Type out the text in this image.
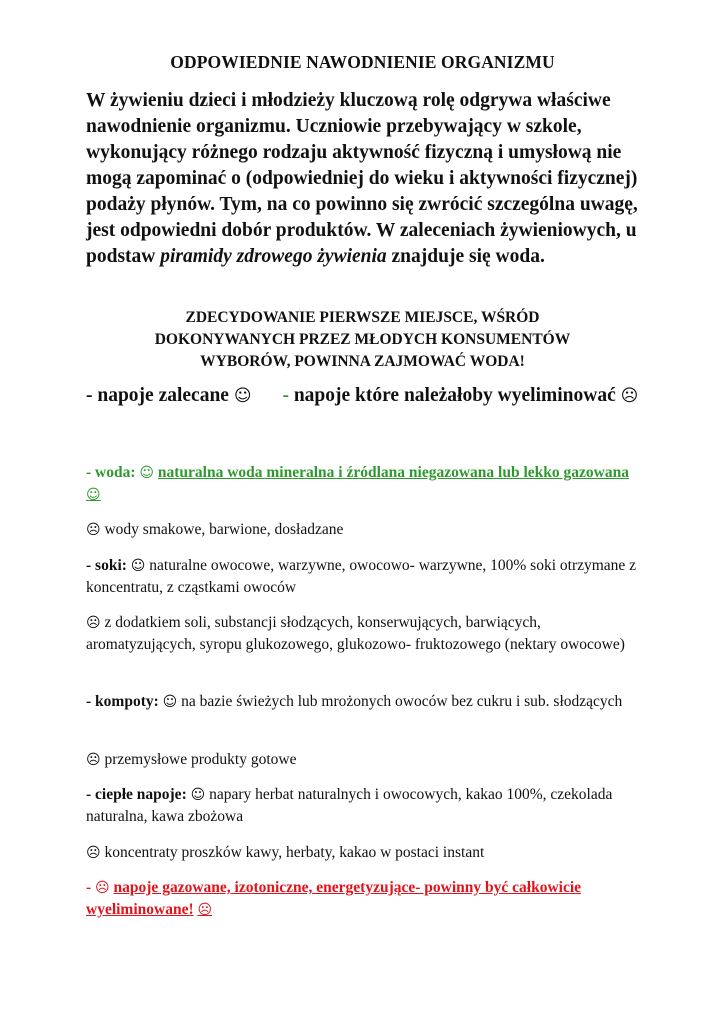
ODPOWIEDNIE NAWODNIENIE ORGANIZMU
W żywieniu dzieci i młodzieży kluczową rolę odgrywa właściwe nawodnienie organizmu. Uczniowie przebywający w szkole, wykonujący różnego rodzaju aktywność fizyczną i umysłową nie mogą zapominać o (odpowiedniej do wieku i aktywności fizycznej) podaży płynów. Tym, na co powinno się zwrócić szczególna uwagę, jest odpowiedni dobór produktów. W zaleceniach żywieniowych, u podstaw piramidy zdrowego żywienia znajduje się woda.
ZDECYDOWANIE PIERWSZE MIEJSCE, WŚRÓD
DOKONYWANYCH PRZEZ MŁODYCH KONSUMENTÓW
WYBORÓW, POWINNA ZAJMOWAĆ WODA!
- napoje zalecane ☺ - napoje które należałoby wyeliminować ☹
- woda: ☺ naturalna woda mineralna i źródlana niegazowana lub lekko gazowana ☺
☹ wody smakowe, barwione, dosładzane
- soki: ☺ naturalne owocowe, warzywne, owocowo- warzywne, 100% soki otrzymane z koncentratu, z cząstkami owoców
☹ z dodatkiem soli, substancji słodzących, konserwujących, barwiących, aromatyzujących, syropu glukozowego, glukozowo- fruktozowego (nektary owocowe)
- kompoty: ☺ na bazie świeżych lub mrożonych owoców bez cukru i sub. słodzących
☹ przemysłowe produkty gotowe
- ciepłe napoje: ☺ napary herbat naturalnych i owocowych, kakao 100%, czekolada naturalna, kawa zbożowa
☹ koncentraty proszków kawy, herbaty, kakao w postaci instant
- ☹ napoje gazowane, izotoniczne, energetyzujące- powinny być całkowicie wyeliminowane! ☹
